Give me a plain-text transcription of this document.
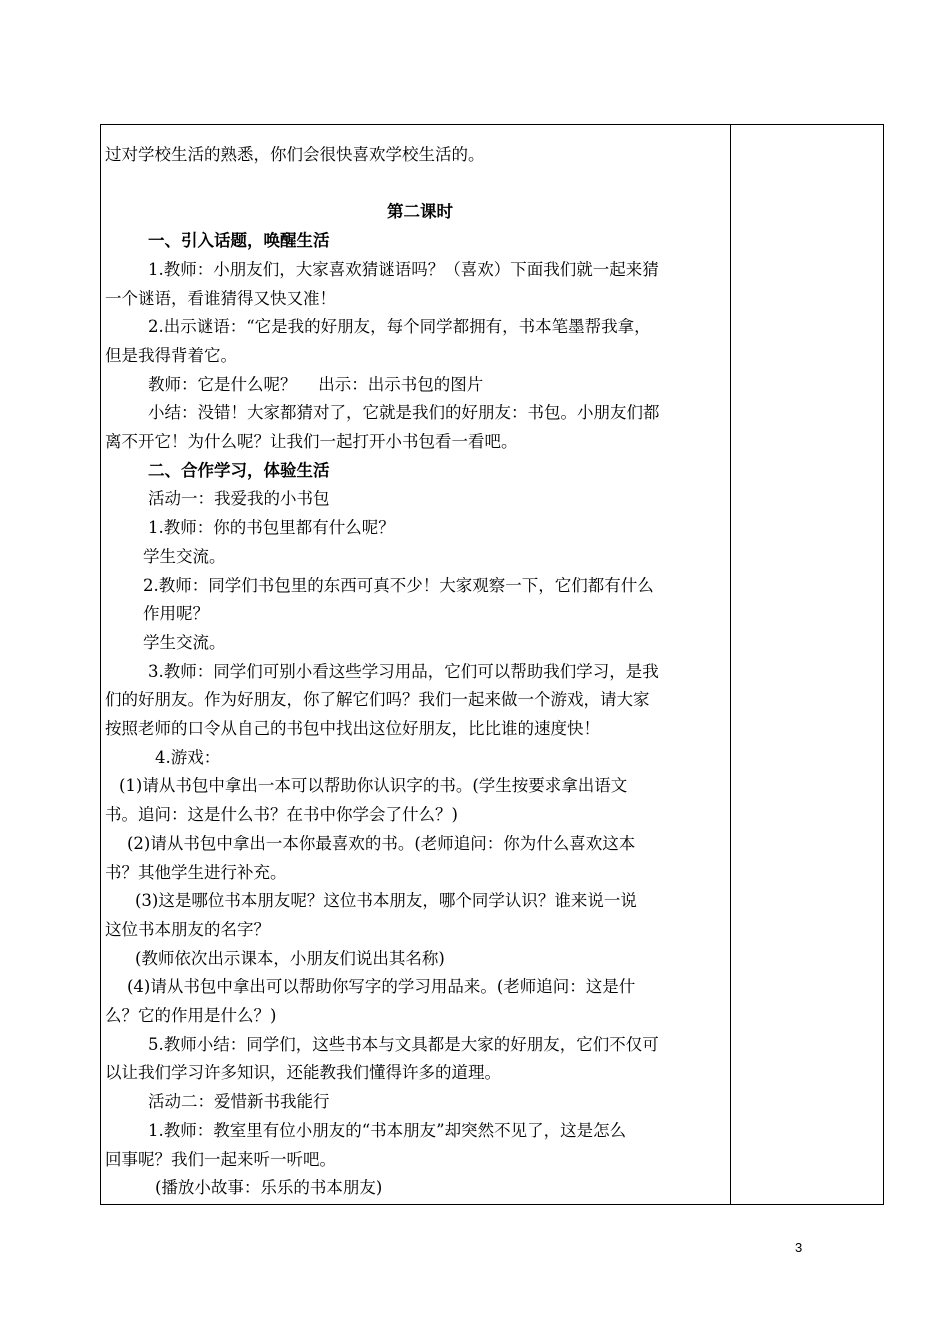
过对学校生活的熟悉，你们会很快喜欢学校生活的。

第二课时

一、引入话题，唤醒生活

1.教师：小朋友们，大家喜欢猜谜语吗？（喜欢）下面我们就一起来猜

一个谜语，看谁猜得又快又准！

2.出示谜语：“它是我的好朋友，每个同学都拥有，书本笔墨帮我拿，

但是我得背着它。

教师：它是什么呢？　 出示：出示书包的图片

小结：没错！大家都猜对了，它就是我们的好朋友：书包。小朋友们都

离不开它！为什么呢？让我们一起打开小书包看一看吧。

二、合作学习，体验生活

活动一：我爱我的小书包

1.教师：你的书包里都有什么呢？

学生交流。

2.教师：同学们书包里的东西可真不少！大家观察一下，它们都有什么

作用呢？

学生交流。

3.教师：同学们可别小看这些学习用品，它们可以帮助我们学习，是我

们的好朋友。作为好朋友，你了解它们吗？我们一起来做一个游戏，请大家

按照老师的口令从自己的书包中找出这位好朋友，比比谁的速度快！

4.游戏：

(1)请从书包中拿出一本可以帮助你认识字的书。(学生按要求拿出语文

书。追问：这是什么书？在书中你学会了什么？)

(2)请从书包中拿出一本你最喜欢的书。(老师追问：你为什么喜欢这本

书？其他学生进行补充。

(3)这是哪位书本朋友呢？这位书本朋友，哪个同学认识？谁来说一说

这位书本朋友的名字？

(教师依次出示课本，小朋友们说出其名称)

(4)请从书包中拿出可以帮助你写字的学习用品来。(老师追问：这是什

么？它的作用是什么？)

5.教师小结：同学们，这些书本与文具都是大家的好朋友，它们不仅可

以让我们学习许多知识，还能教我们懂得许多的道理。

活动二：爱惜新书我能行

1.教师：教室里有位小朋友的“书本朋友”却突然不见了，这是怎么

回事呢？我们一起来听一听吧。

(播放小故事：乐乐的书本朋友)

3
